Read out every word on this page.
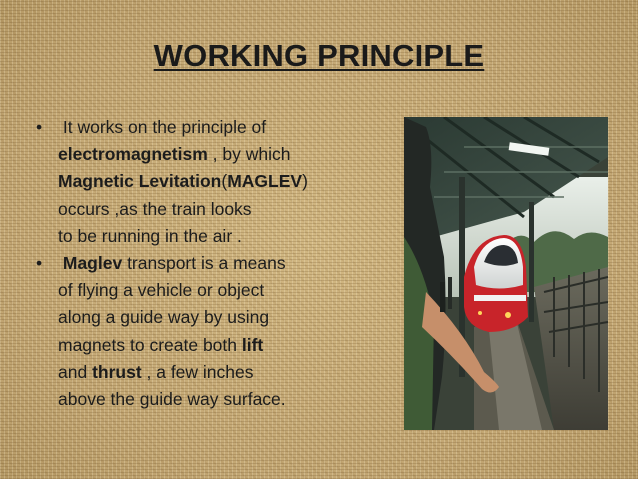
WORKING PRINCIPLE
• It works on the principle of
electromagnetism , by which
Magnetic Levitation(MAGLEV)
occurs ,as the train looks
to be running in the air .
• Maglev transport is a means
of flying a vehicle or object
along a guide way by using
magnets to create both lift
and thrust , a few inches
above the guide way surface.
